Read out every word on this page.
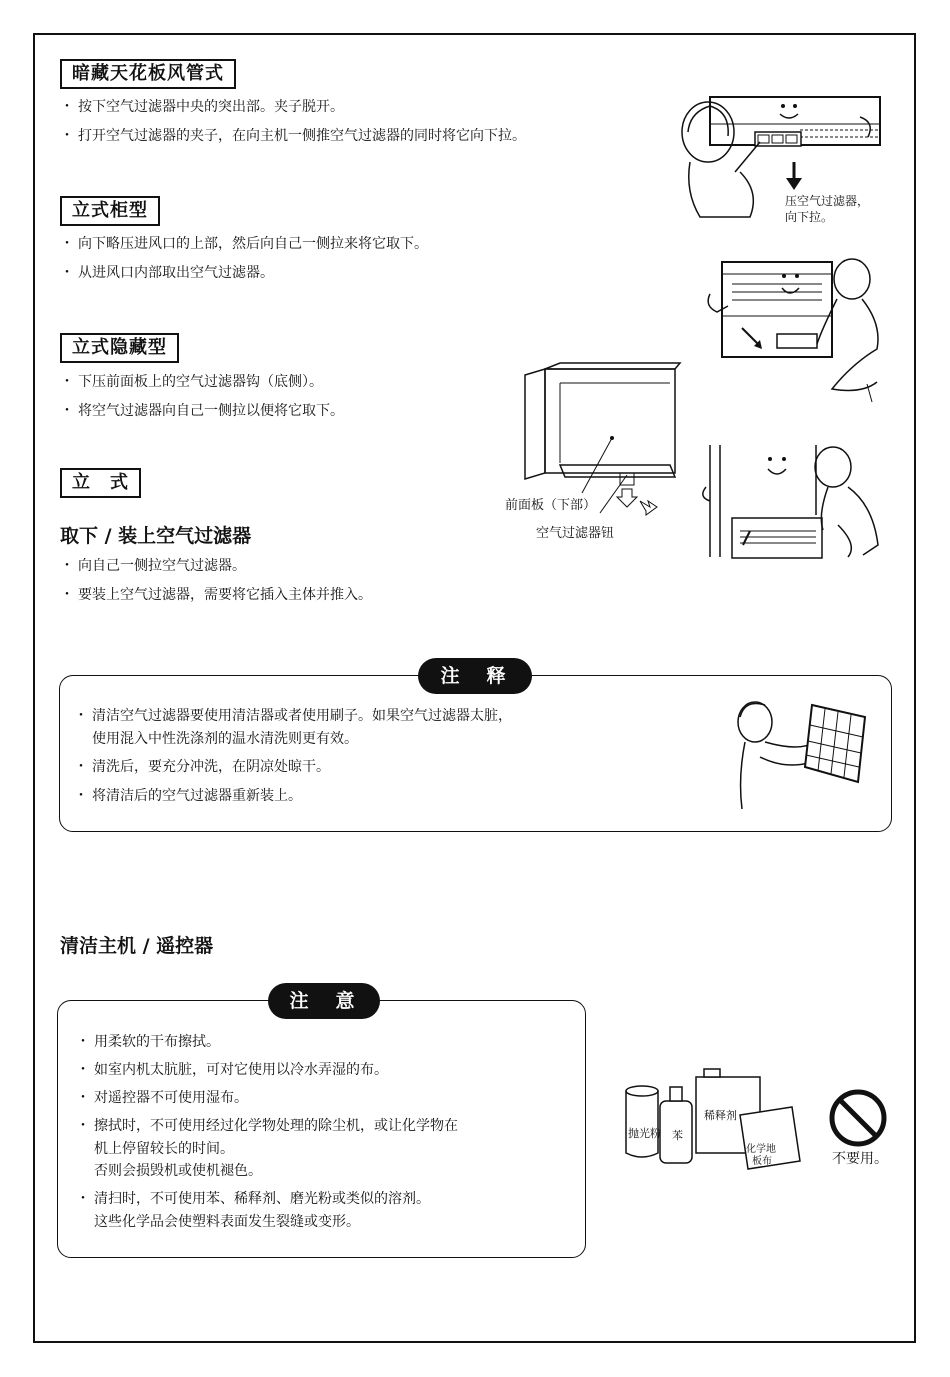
暗藏天花板风管式
・ 按下空气过滤器中央的突出部。夹子脱开。
・ 打开空气过滤器的夹子，在向主机一侧推空气过滤器的同时将它向下拉。
压空气过滤器，
向下拉。
立式柜型
・ 向下略压进风口的上部，然后向自己一侧拉来将它取下。
・ 从进风口内部取出空气过滤器。
立式隐藏型
・ 下压前面板上的空气过滤器钩（底侧）。
・ 将空气过滤器向自己一侧拉以便将它取下。
前面板（下部）
空气过滤器钮
立　式
取下 / 装上空气过滤器
・ 向自己一侧拉空气过滤器。
・ 要装上空气过滤器，需要将它插入主体并推入。
注　释
・ 清洁空气过滤器要使用清洁器或者使用刷子。如果空气过滤器太脏，
使用混入中性洗涤剂的温水清洗则更有效。
・ 清洗后，要充分冲洗，在阴凉处晾干。
・ 将清洁后的空气过滤器重新装上。
清洁主机 / 遥控器
注　意
・ 用柔软的干布擦拭。
・ 如室内机太肮脏，可对它使用以冷水弄湿的布。
・ 对遥控器不可使用湿布。
・ 擦拭时，不可使用经过化学物处理的除尘机，或让化学物在
机上停留较长的时间。
否则会损毁机或使机褪色。
・ 清扫时，不可使用苯、稀释剂、磨光粉或类似的溶剂。
这些化学品会使塑料表面发生裂缝或变形。
抛光粉 苯
稀释剂
化学地
板布	不要用。
